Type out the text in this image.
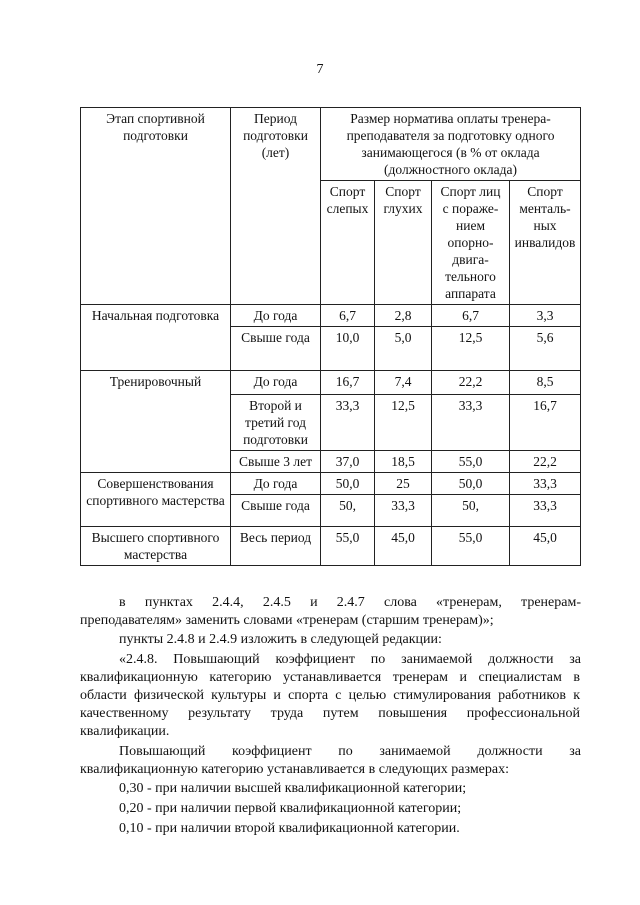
7
Этап спортивной подготовки	Период подготовки (лет)	Размер норматива оплаты тренера-преподавателя за подготовку одного занимающегося (в % от оклада (должностного оклада)			
		Спорт слепых	Спорт глухих	Спорт лиц с пораже-нием опорно-двига-тельного аппарата	Спорт менталь-ных инвалидов
Начальная подготовка	До года	6,7	2,8	6,7	3,3
	Свыше года	10,0	5,0	12,5	5,6
Тренировочный	До года	16,7	7,4	22,2	8,5
	Второй и третий год подготовки	33,3	12,5	33,3	16,7
	Свыше 3 лет	37,0	18,5	55,0	22,2
Совершенствования спортивного мастерства	До года	50,0	25	50,0	33,3
	Свыше года	50,	33,3	50,	33,3
Высшего спортивного мастерства	Весь период	55,0	45,0	55,0	45,0
в пунктах 2.4.4, 2.4.5 и 2.4.7 слова «тренерам, тренерам-
преподавателям» заменить словами «тренерам (старшим тренерам)»;
пункты 2.4.8 и 2.4.9 изложить в следующей редакции:
«2.4.8. Повышающий коэффициент по занимаемой должности за
квалификационную категорию устанавливается тренерам и специалистам в области физической культуры и спорта с целью стимулирования работников к качественному результату труда путем повышения профессиональной квалификации.
Повышающий коэффициент по занимаемой должности за
квалификационную категорию устанавливается в следующих размерах:
0,30 - при наличии высшей квалификационной категории;
0,20 - при наличии первой квалификационной категории;
0,10 - при наличии второй квалификационной категории.
